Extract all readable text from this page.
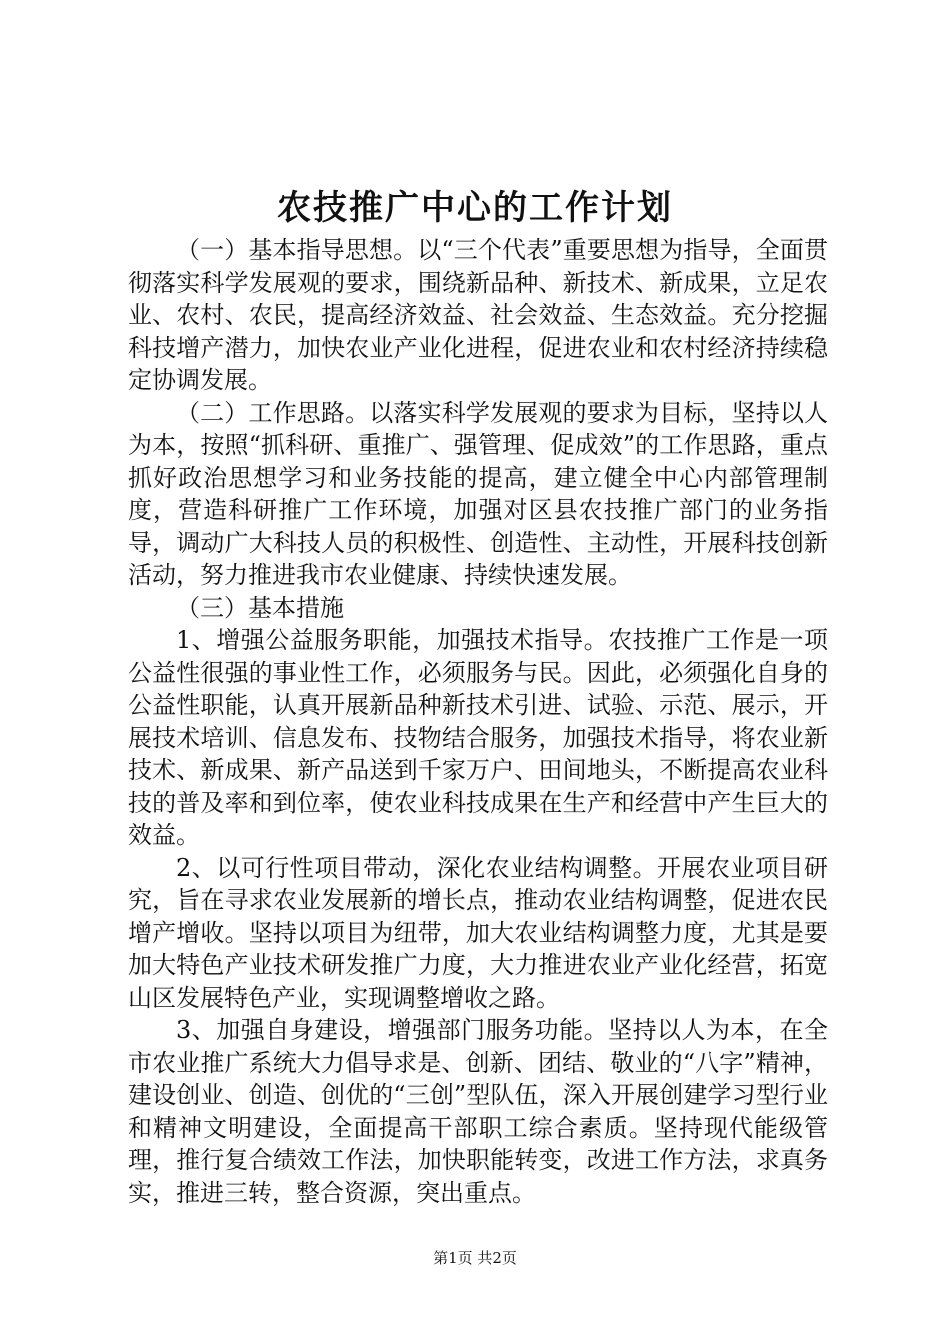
农技推广中心的工作计划

（一）基本指导思想。以“三个代表”重要思想为指导，全面贯彻落实科学发展观的要求，围绕新品种、新技术、新成果，立足农业、农村、农民，提高经济效益、社会效益、生态效益。充分挖掘科技增产潜力，加快农业产业化进程，促进农业和农村经济持续稳定协调发展。

（二）工作思路。以落实科学发展观的要求为目标，坚持以人为本，按照“抓科研、重推广、强管理、促成效”的工作思路，重点抓好政治思想学习和业务技能的提高，建立健全中心内部管理制度，营造科研推广工作环境，加强对区县农技推广部门的业务指导，调动广大科技人员的积极性、创造性、主动性，开展科技创新活动，努力推进我市农业健康、持续快速发展。

（三）基本措施

1、增强公益服务职能，加强技术指导。农技推广工作是一项公益性很强的事业性工作，必须服务与民。因此，必须强化自身的公益性职能，认真开展新品种新技术引进、试验、示范、展示，开展技术培训、信息发布、技物结合服务，加强技术指导，将农业新技术、新成果、新产品送到千家万户、田间地头，不断提高农业科技的普及率和到位率，使农业科技成果在生产和经营中产生巨大的效益。

2、以可行性项目带动，深化农业结构调整。开展农业项目研究，旨在寻求农业发展新的增长点，推动农业结构调整，促进农民增产增收。坚持以项目为纽带，加大农业结构调整力度，尤其是要加大特色产业技术研发推广力度，大力推进农业产业化经营，拓宽山区发展特色产业，实现调整增收之路。

3、加强自身建设，增强部门服务功能。坚持以人为本，在全市农业推广系统大力倡导求是、创新、团结、敬业的“八字”精神，建设创业、创造、创优的“三创”型队伍，深入开展创建学习型行业和精神文明建设，全面提高干部职工综合素质。坚持现代能级管理，推行复合绩效工作法，加快职能转变，改进工作方法，求真务实，推进三转，整合资源，突出重点。

第1页 共2页
